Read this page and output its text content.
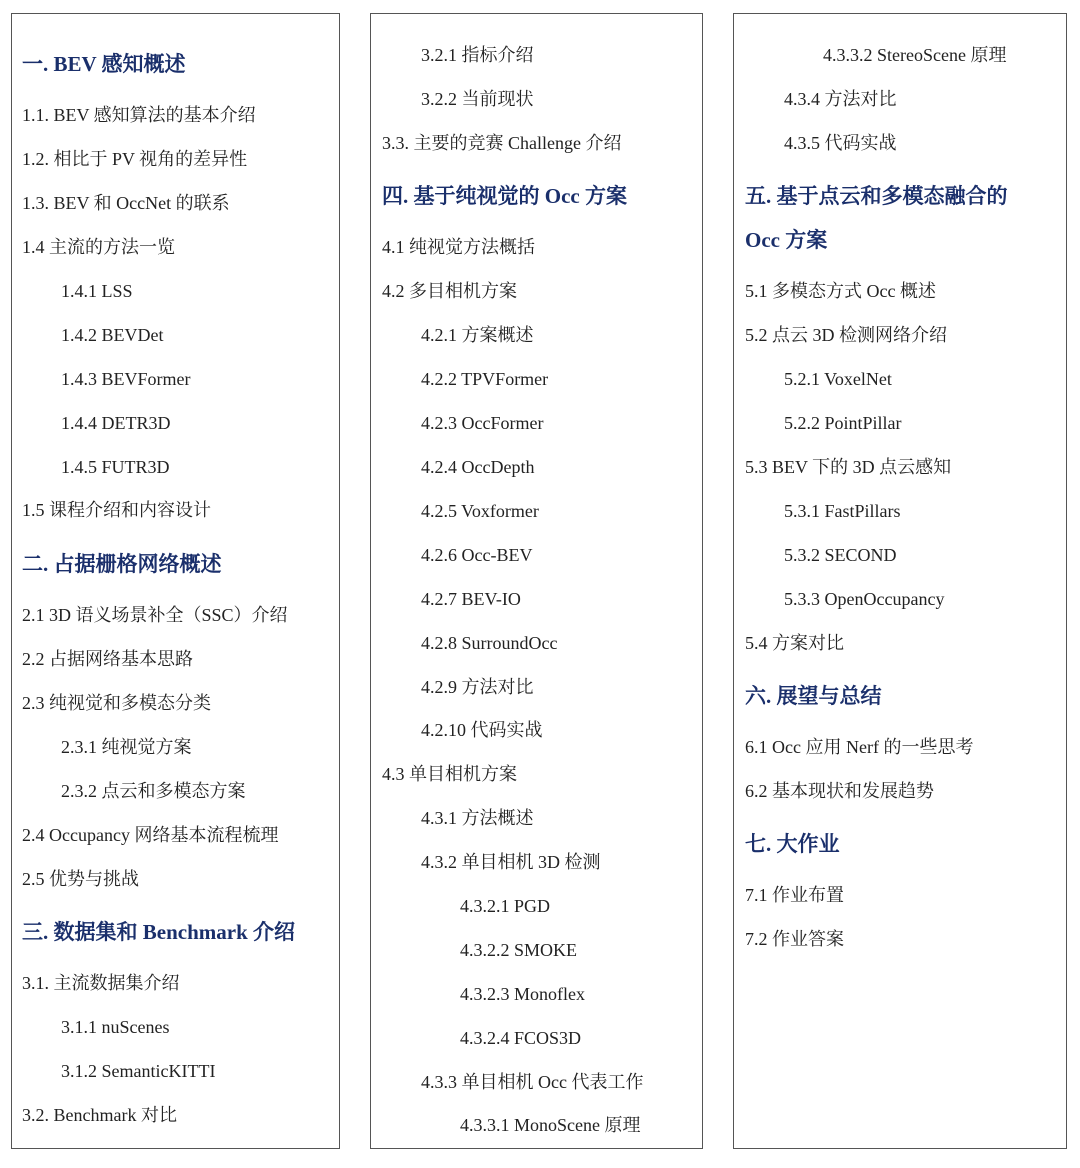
一. BEV 感知概述
1.1. BEV 感知算法的基本介绍
1.2. 相比于 PV 视角的差异性
1.3. BEV 和 OccNet 的联系
1.4 主流的方法一览
1.4.1 LSS
1.4.2 BEVDet
1.4.3 BEVFormer
1.4.4 DETR3D
1.4.5 FUTR3D
1.5 课程介绍和内容设计
二. 占据栅格网络概述
2.1 3D 语义场景补全（SSC）介绍
2.2 占据网络基本思路
2.3 纯视觉和多模态分类
2.3.1 纯视觉方案
2.3.2 点云和多模态方案
2.4 Occupancy 网络基本流程梳理
2.5 优势与挑战
三. 数据集和 Benchmark 介绍
3.1. 主流数据集介绍
3.1.1 nuScenes
3.1.2 SemanticKITTI
3.2. Benchmark 对比
3.2.1 指标介绍
3.2.2 当前现状
3.3. 主要的竞赛 Challenge 介绍
四. 基于纯视觉的 Occ 方案
4.1 纯视觉方法概括
4.2 多目相机方案
4.2.1 方案概述
4.2.2 TPVFormer
4.2.3 OccFormer
4.2.4 OccDepth
4.2.5 Voxformer
4.2.6 Occ-BEV
4.2.7 BEV-IO
4.2.8 SurroundOcc
4.2.9 方法对比
4.2.10 代码实战
4.3 单目相机方案
4.3.1 方法概述
4.3.2 单目相机 3D 检测
4.3.2.1 PGD
4.3.2.2 SMOKE
4.3.2.3 Monoflex
4.3.2.4 FCOS3D
4.3.3 单目相机 Occ 代表工作
4.3.3.1 MonoScene 原理
4.3.3.2 StereoScene 原理
4.3.4 方法对比
4.3.5 代码实战
五. 基于点云和多模态融合的
Occ 方案
5.1 多模态方式 Occ 概述
5.2 点云 3D 检测网络介绍
5.2.1 VoxelNet
5.2.2 PointPillar
5.3 BEV 下的 3D 点云感知
5.3.1 FastPillars
5.3.2 SECOND
5.3.3 OpenOccupancy
5.4 方案对比
六. 展望与总结
6.1 Occ 应用 Nerf 的一些思考
6.2 基本现状和发展趋势
七. 大作业
7.1 作业布置
7.2 作业答案
